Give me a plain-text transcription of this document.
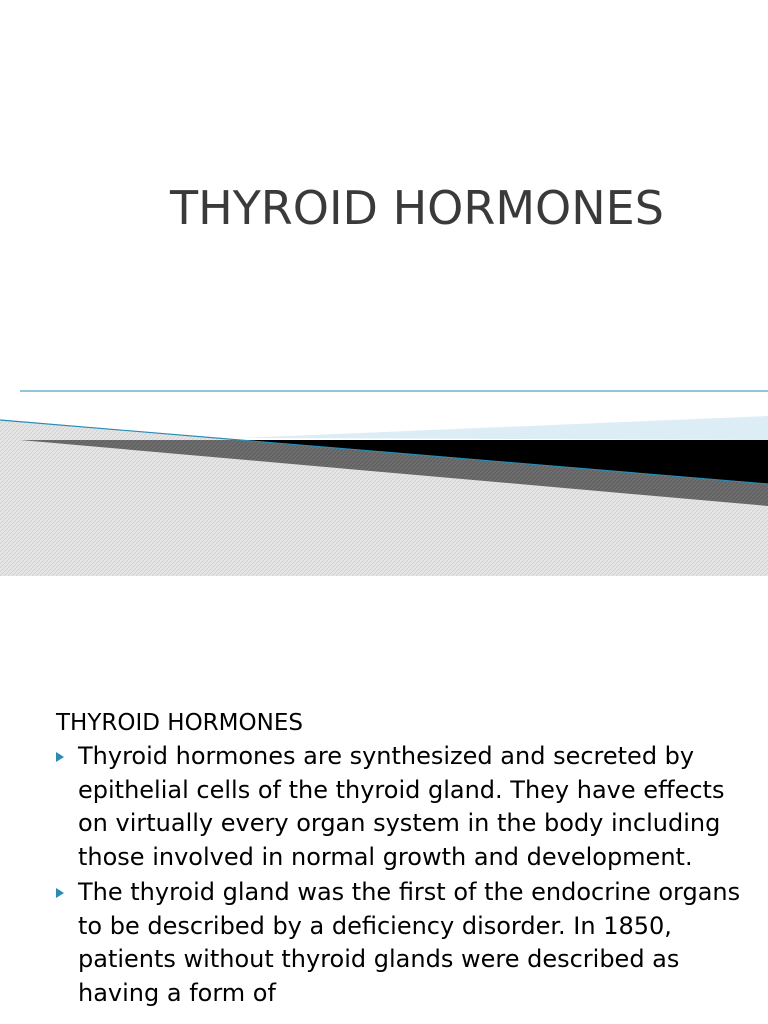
THYROID HORMONES
THYROID HORMONES
Thyroid hormones are synthesized and secreted by epithelial cells of the thyroid gland. They have effects on virtually every organ system in the body including those involved in normal growth and development.
The thyroid gland was the first of the endocrine organs to be described by a deficiency disorder. In 1850, patients without thyroid glands were described as having a form of
